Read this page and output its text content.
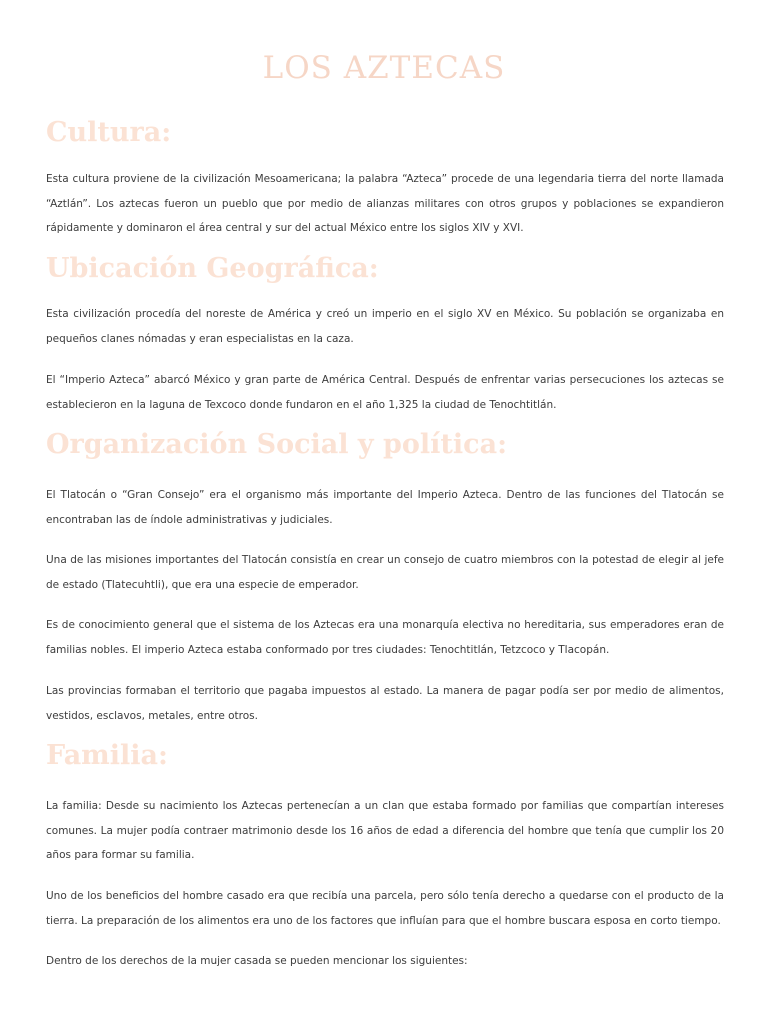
LOS AZTECAS
Cultura:

Esta cultura proviene de la civilización Mesoamericana; la palabra “Azteca” procede de una legendaria tierra del norte llamada “Aztlán”. Los aztecas fueron un pueblo que por medio de alianzas militares con otros grupos y poblaciones se expandieron rápidamente y dominaron el área central y sur del actual México entre los siglos XIV y XVI.

Ubicación Geográfica:

Esta civilización procedía del noreste de América y creó un imperio en el siglo XV en México. Su población se organizaba en pequeños clanes nómadas y eran especialistas en la caza.

El “Imperio Azteca” abarcó México y gran parte de América Central. Después de enfrentar varias persecuciones los aztecas se establecieron en la laguna de Texcoco donde fundaron en el año 1,325 la ciudad de Tenochtitlán.

Organización Social y política:

El Tlatocán o “Gran Consejo” era el organismo más importante del Imperio Azteca. Dentro de las funciones del Tlatocán se encontraban las de índole administrativas y judiciales.

Una de las misiones importantes del Tlatocán consistía en crear un consejo de cuatro miembros con la potestad de elegir al jefe de estado (Tlatecuhtli), que era una especie de emperador.

Es de conocimiento general que el sistema de los Aztecas era una monarquía electiva no hereditaria, sus emperadores eran de familias nobles. El imperio Azteca estaba conformado por tres ciudades: Tenochtitlán, Tetzcoco y Tlacopán.

Las provincias formaban el territorio que pagaba impuestos al estado. La manera de pagar podía ser por medio de alimentos, vestidos, esclavos, metales, entre otros.

Familia:

La familia: Desde su nacimiento los Aztecas pertenecían a un clan que estaba formado por familias que compartían intereses comunes. La mujer podía contraer matrimonio desde los 16 años de edad a diferencia del hombre que tenía que cumplir los 20 años para formar su familia.

Uno de los beneficios del hombre casado era que recibía una parcela, pero sólo tenía derecho a quedarse con el producto de la tierra. La preparación de los alimentos era uno de los factores que influían para que el hombre buscara esposa en corto tiempo.

Dentro de los derechos de la mujer casada se pueden mencionar los siguientes:
